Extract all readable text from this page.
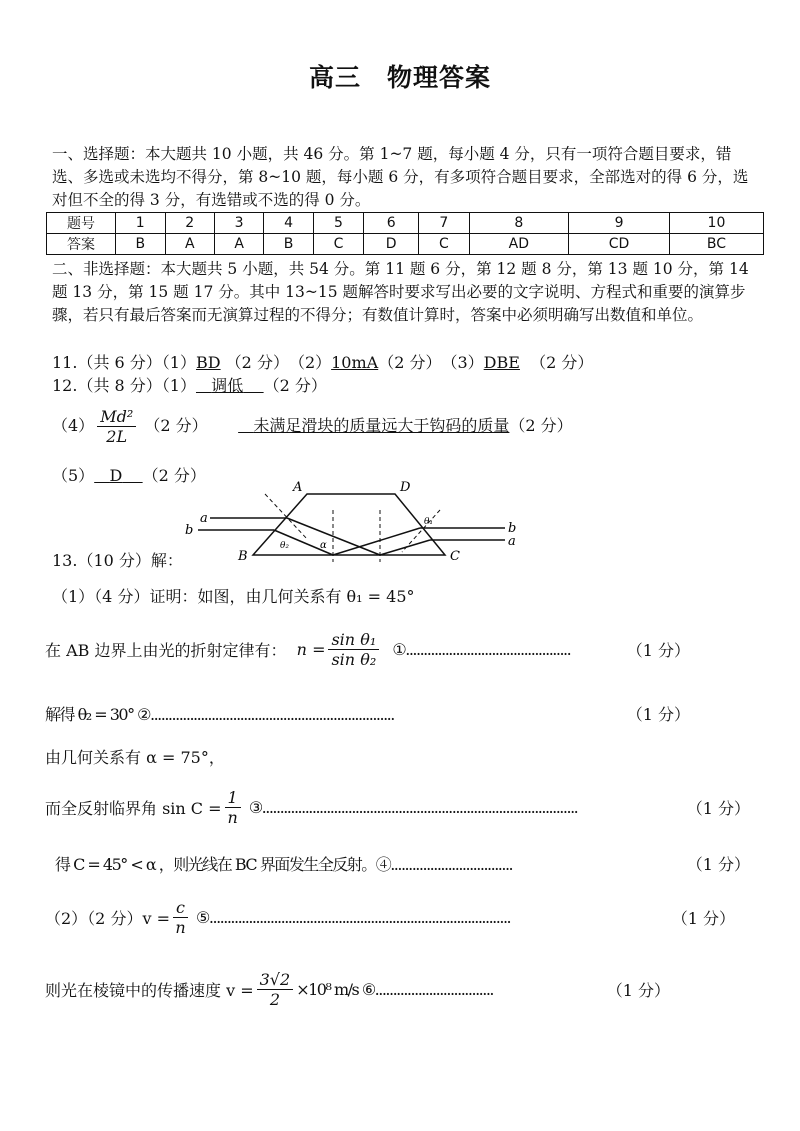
高三　物理答案
一、选择题：本大题共 10 小题，共 46 分。第 1~7 题，每小题 4 分，只有一项符合题目要求，错选、多选或未选均不得分，第 8~10 题，每小题 6 分，有多项符合题目要求，全部选对的得 6 分，选对但不全的得 3 分，有选错或不选的得 0 分。
题号	1	2	3	4	5	6	7	8	9	10
答案	B	A	A	B	C	D	C	AD	CD	BC
二、非选择题：本大题共 5 小题，共 54 分。第 11 题 6 分，第 12 题 8 分，第 13 题 10 分，第 14 题 13 分，第 15 题 17 分。其中 13~15 题解答时要求写出必要的文字说明、方程式和重要的演算步骤，若只有最后答案而无演算过程的不得分；有数值计算时，答案中必须明确写出数值和单位。
11.（共 6 分）（1）BD （2 分）　（2）10mA（2 分）　（3）DBE （2 分）
12.（共 8 分）（1） 调低 （2 分）
$(4) \frac{\text{Md²}}{2L} (2$ 分）	未满足滑块的质量远大于钩码的质量（2 分）
（5） D （2 分）
A	D
B	C
a
b	b
a
α
θ₂
θ₁
13.（10 分）解：
（1）（4 分）证明：如图，由几何关系有 θ₁ = 45°
在 AB 边界上由光的折射定律有：
$n = \frac{\text{sin θ₁}}{\text{sin θ₂}}$
①..............................................	（1 分）
解得 θ₂ = 30° ②....................................................................	（1 分）
由几何关系有 α = 75°，
而全反射临界角 $\sin C = \frac{1}{n}$
③........................................................................................	（1 分）
得 C = 45° < α ，则光线在 BC 界面发生全反射。④..................................	（1 分）
（2）（2 分）$v = \frac{c}{n}$
⑤....................................................................................	（1 分）
则光在棱镜中的传播速度 $v = \frac{3√2}{2} \times 10^8$ m/s ⑥.................................	（1 分）
